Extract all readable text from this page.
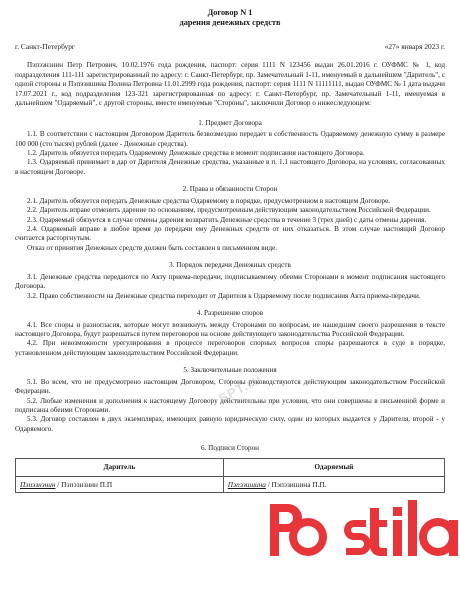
Договор N 1
дарения денежных средств
г. Санкт-Петербург	«27» января 2023 г.

Пэпэзнзнин Петр Петрович, 10.02.1976 года рождения, паспорт: серия 1111 N 123456 выдан 26.01.2016 г. ОУФМС № 1, код подразделения 111-111 зарегистрированный по адресу: г. Санкт-Петербург, пр. Замечательный 1-11, именуемый в дальнейшем "Даритель", с одной стороны и Пэпэзишина Полина Петровна 11.01.2999 года рождения, паспорт: серия 1111 N 11111111, выдан ОУФМС № 1 дата выдачи 17.07.2021 г., код подразделения 123-321 зарегистрированная по адресу: г. Санкт-Петербург, пр. Замечательный 1-11, именуемая в дальнейшем "Одаряемый", с другой стороны, вместе именуемые "Стороны", заключили Договор о нижеследующем:

1. Предмет Договора

1.1. В соответствии с настоящим Договором Даритель безвозмездно передает в собственность Одаряемому денежную сумму в размере 100 000 (сто тысяч) рублей (далее - Денежные средства).

1.2. Даритель обязуется передать Одаряемому Денежные средства в момент подписания настоящего Договора.

1.3. Одаряемый принимает в дар от Дарителя Денежные средства, указанные в п. 1.1 настоящего Договора, на условиях, согласованных в настоящем Договоре.

2. Права и обязанности Сторон

2.1. Даритель обязуется передать Денежные средства Одаряемому в порядке, предусмотренном в настоящем Договоре.

2.2. Даритель вправе отменить дарение по основаниям, предусмотренным действующим законодательством Российской Федерации.

2.3. Одаряемый обязуется в случае отмены дарения возвратить Денежные средства в течение 3 (трех дней) с даты отмены дарения.

2.4. Одаряемый вправе в любое время до передачи ему Денежных средств от них отказаться. В этом случае настоящий Договор считается расторгнутым.

Отказ от принятия Денежных средств должен быть составлен в письменном виде.

3. Порядок передачи Денежных средств

3.1. Денежные средства передаются по Акту приема-передачи, подписываемому обеими Сторонами в момент подписания настоящего Договора.

3.2. Право собственности на Денежные средства переходит от Дарителя к Одаряемому после подписания Акта приема-передачи.

4. Разрешение споров

4.1. Все споры и разногласия, которые могут возникнуть между Сторонами по вопросам, не нашедшим своего разрешения в тексте настоящего Договора, будут разрешаться путем переговоров на основе действующего законодательства Российской Федерации.

4.2. При невозможности урегулирования в процессе переговоров спорных вопросов споры разрешаются в суде в порядке, установленном действующим законодательством Российской Федерации.

5. Заключительные положения

5.1. Во всем, что не предусмотрено настоящим Договором, Стороны руководствуются действующим законодательством Российской Федерации.

5.2. Любые изменения и дополнения к настоящему Договору действительны при условии, что они совершены в письменной форме и подписаны обеими Сторонами.

5.3. Договор составлен в двух экземплярах, имеющих равную юридическую силу, один из которых выдается у Дарителя, второй - у Одаряемого.

6. Подписи Сторон
Даритель	Одаряемый
Пэпэзнзнин / Пэпэзнзнин П.П	Пэпэзишина / Пэпэзишина П.П.
SPT.ru
